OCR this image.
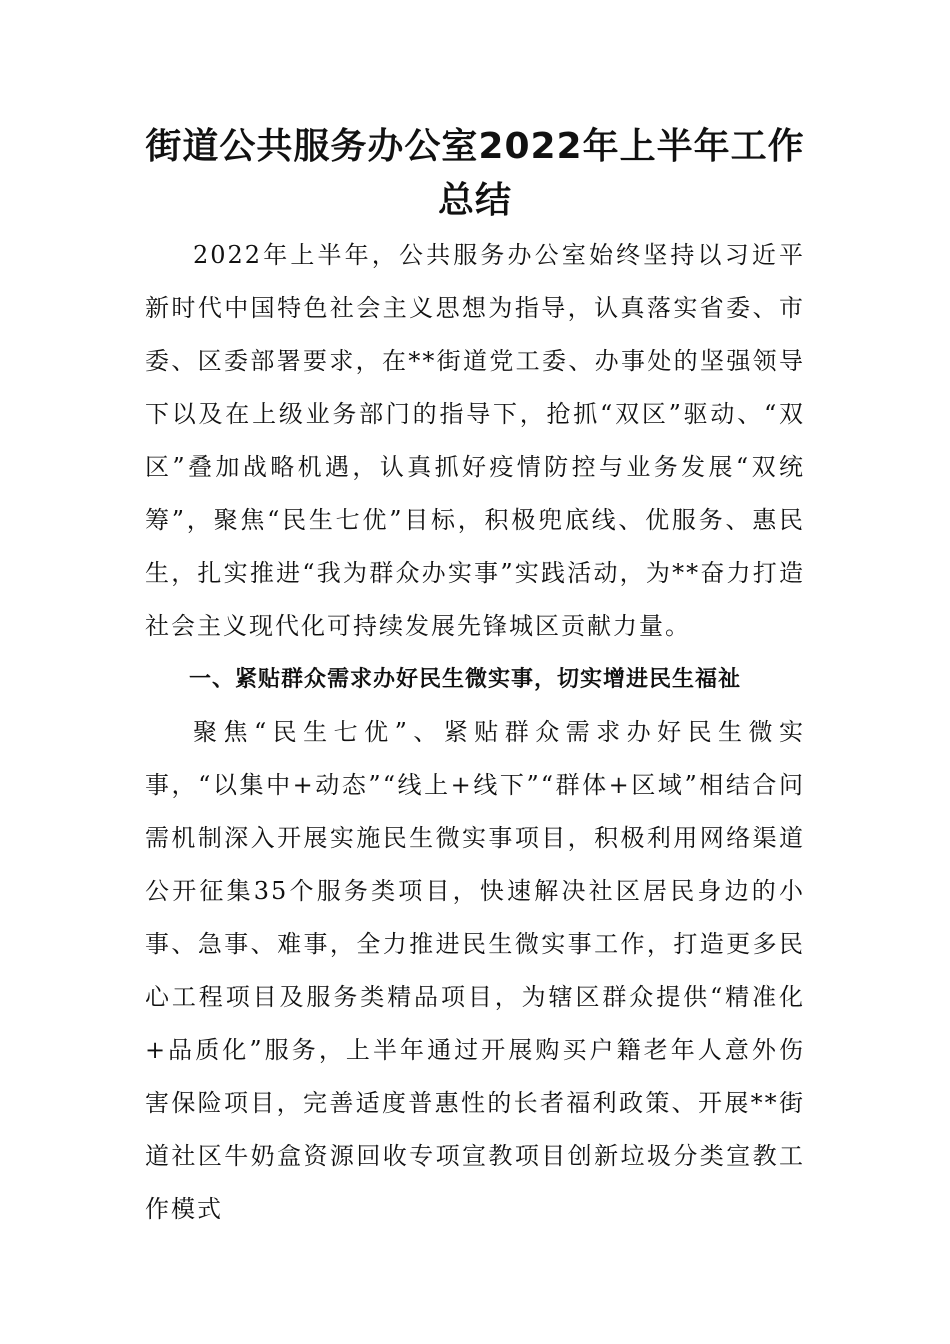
街道公共服务办公室2022年上半年工作总结

2022年上半年，公共服务办公室始终坚持以习近平新时代中国特色社会主义思想为指导，认真落实省委、市委、区委部署要求，在**街道党工委、办事处的坚强领导下以及在上级业务部门的指导下，抢抓“双区”驱动、“双区”叠加战略机遇，认真抓好疫情防控与业务发展“双统筹”，聚焦“民生七优”目标，积极兜底线、优服务、惠民生，扎实推进“我为群众办实事”实践活动，为**奋力打造社会主义现代化可持续发展先锋城区贡献力量。

一、紧贴群众需求办好民生微实事，切实增进民生福祉

聚焦“民生七优”、紧贴群众需求办好民生微实事，“以集中+动态”“线上+线下”“群体+区域”相结合问需机制深入开展实施民生微实事项目，积极利用网络渠道公开征集35个服务类项目，快速解决社区居民身边的小事、急事、难事，全力推进民生微实事工作，打造更多民心工程项目及服务类精品项目，为辖区群众提供“精准化+品质化”服务，上半年通过开展购买户籍老年人意外伤害保险项目，完善适度普惠性的长者福利政策、开展**街道社区牛奶盒资源回收专项宣教项目创新垃圾分类宣教工作模式
